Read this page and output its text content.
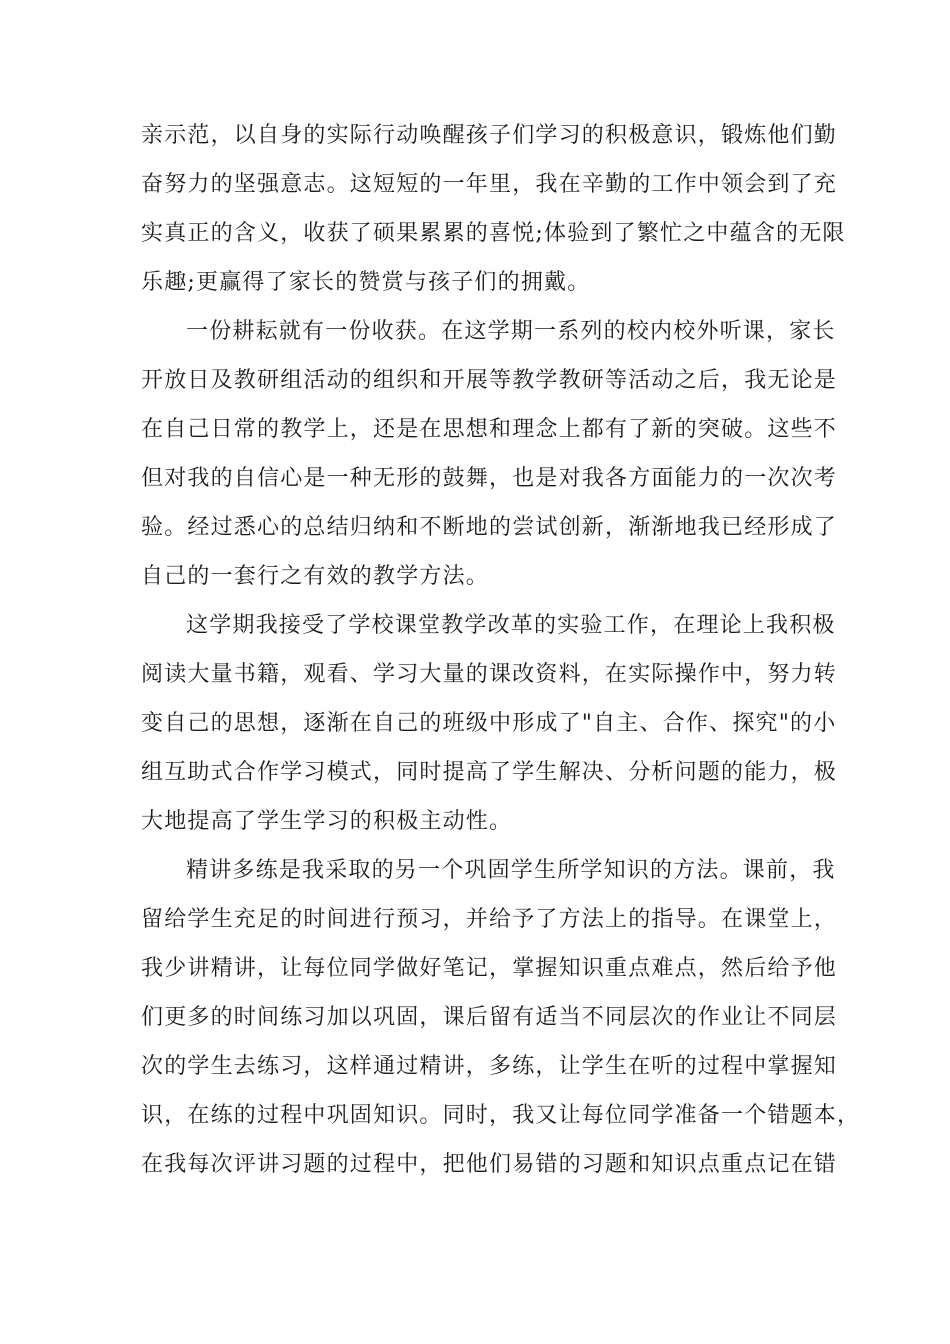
亲示范，以自身的实际行动唤醒孩子们学习的积极意识，锻炼他们勤
奋努力的坚强意志。这短短的一年里，我在辛勤的工作中领会到了充
实真正的含义，收获了硕果累累的喜悦;体验到了繁忙之中蕴含的无限
乐趣;更赢得了家长的赞赏与孩子们的拥戴。

一份耕耘就有一份收获。在这学期一系列的校内校外听课，家长
开放日及教研组活动的组织和开展等教学教研等活动之后，我无论是
在自己日常的教学上，还是在思想和理念上都有了新的突破。这些不
但对我的自信心是一种无形的鼓舞，也是对我各方面能力的一次次考
验。经过悉心的总结归纳和不断地的尝试创新，渐渐地我已经形成了
自己的一套行之有效的教学方法。

这学期我接受了学校课堂教学改革的实验工作，在理论上我积极
阅读大量书籍，观看、学习大量的课改资料，在实际操作中，努力转
变自己的思想，逐渐在自己的班级中形成了"自主、合作、探究"的小
组互助式合作学习模式，同时提高了学生解决、分析问题的能力，极
大地提高了学生学习的积极主动性。

精讲多练是我采取的另一个巩固学生所学知识的方法。课前，我
留给学生充足的时间进行预习，并给予了方法上的指导。在课堂上，
我少讲精讲，让每位同学做好笔记，掌握知识重点难点，然后给予他
们更多的时间练习加以巩固，课后留有适当不同层次的作业让不同层
次的学生去练习，这样通过精讲，多练，让学生在听的过程中掌握知
识，在练的过程中巩固知识。同时，我又让每位同学准备一个错题本，
在我每次评讲习题的过程中，把他们易错的习题和知识点重点记在错
